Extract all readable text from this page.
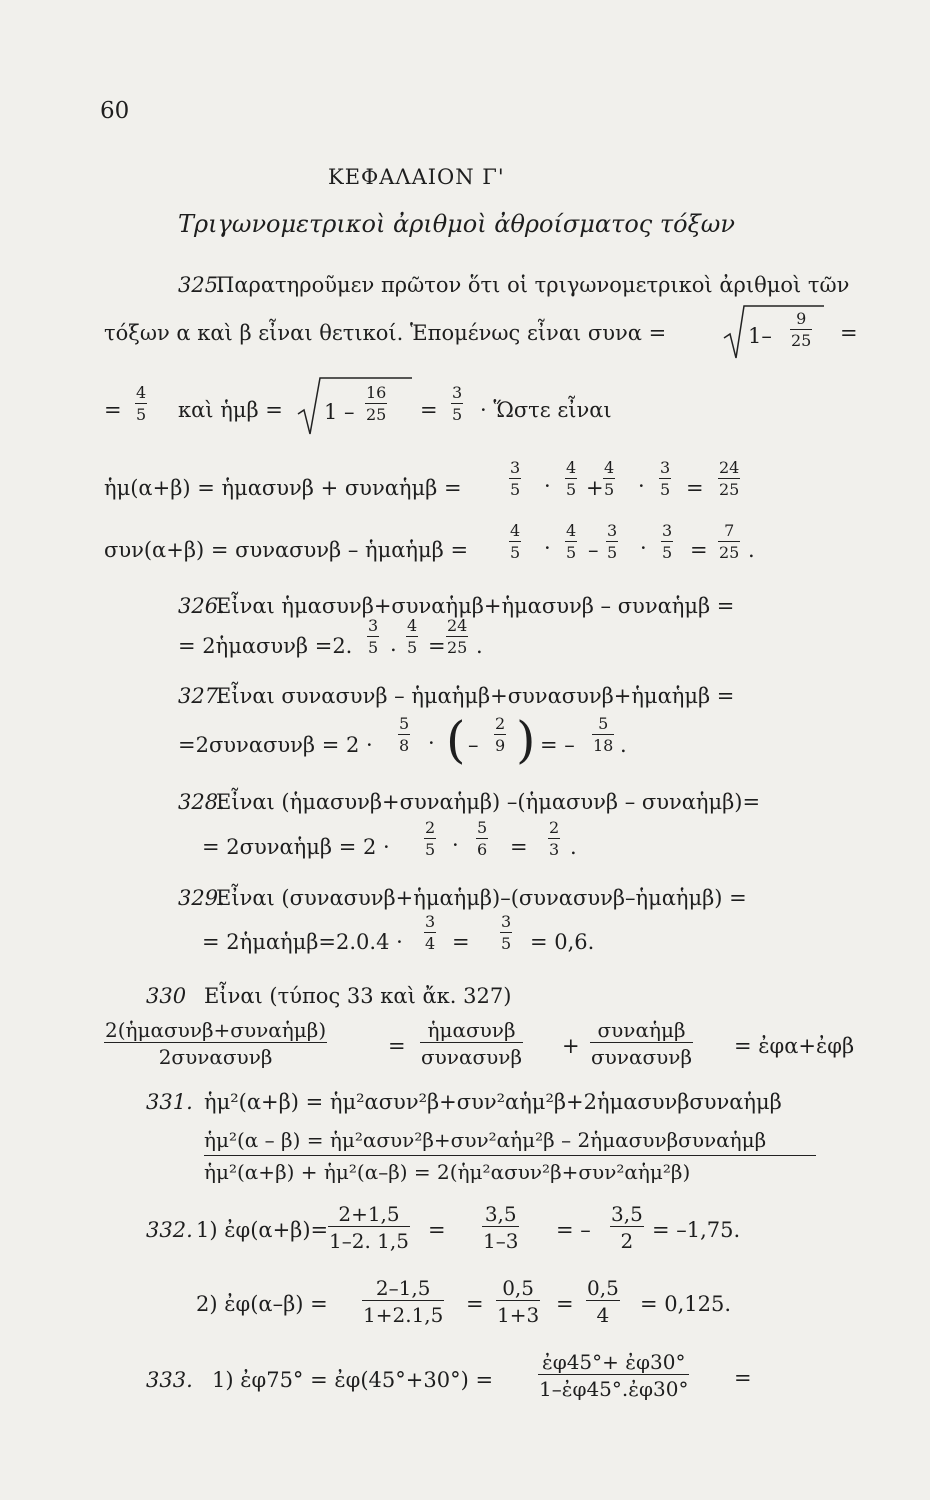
60
ΚΕΦΑΛΑΙΟΝ Γ'
Τριγωνομετρικοὶ ἀριθμοὶ ἀθροίσματος τόξων
325.
Παρατηροῦμεν πρῶτον ὅτι οἱ τριγωνομετρικοὶ ἀριθμοὶ τῶν
τόξων α καὶ β εἶναι θετικοί. Ἑπομένως εἶναι συνα =	$1- \frac{9}{25}$ =
= $\frac{4}{5}$ καὶ ἡμβ = $1 - \frac{16}{25} = \frac{3}{5}$ · Ὥστε εἶναι
ἡμ(α+β) = ἡμασυνβ + συναἡμβ =	$\frac{3}{5} \cdot \frac{4}{5} + \frac{4}{5} \cdot \frac{3}{5} = \frac{24}{25}$
συν(α+β) = συνασυνβ – ἡμαἡμβ =	$\frac{4}{5} \cdot \frac{4}{5} - \frac{3}{5} \cdot \frac{3}{5} = \frac{7}{25}$ .
326.
Εἶναι ἡμασυνβ+συναἡμβ+ἡμασυνβ – συναἡμβ =
= 2ἡμασυνβ =2. $\frac{3}{5}$ . $\frac{4}{5} = \frac{24}{25}$ .
327.
Εἶναι συνασυνβ – ἡμαἡμβ+συνασυνβ+ἡμαἡμβ =
$=2\sigma\upsilon\nu\alpha\sigma\upsilon\nu\beta = 2 \cdot \frac{5}{8}$ · ( – $\frac{2}{9}$ ) = – $\frac{5}{18}$ .
328.
Εἶναι (ἡμασυνβ+συναἡμβ) –(ἡμασυνβ – συναἡμβ)=
= 2συναἡμβ = $2 \cdot \frac{2}{5} \cdot \frac{5}{6} = \frac{2}{3}$ .
329.
Εἶναι (συνασυνβ+ἡμαἡμβ)–(συνασυνβ–ἡμαἡμβ) =
= 2ἡμαἡμβ=2.0.4 · $\frac{3}{4} = \frac{3}{5} = 0,6$.
330 Εἶναι (τύπος 33 καὶ ἄκ. 327)
2(ἡμασυνβ+συναἡμβ)
2συνασυνβ	=
ἡμασυνβ
συνασυνβ +
συναἡμβ
συνασυνβ = ἐφα+ἐφβ
331. ἡμ²(α+β) = ἡμ²ασυν²β+συν²αἡμ²β+2ἡμασυνβσυναἡμβ
ἡμ²(α – β) = ἡμ²ασυν²β+συν²αἡμ²β – 2ἡμασυνβσυναἡμβ
ἡμ²(α+β) + ἡμ²(α–β) = 2(ἡμ²ασυν²β+συν²αἡμ²β)
332. 1) ἐφ(α+β)= $\frac{2+1,5}{1-2. 1,5} = \frac{3,5}{1-3}$ = – $\frac{3,5}{2} = -1,75$.
2) ἐφ(α–β) = $\frac{2-1,5}{1+2.1,5} = \frac{0,5}{1+3} = \frac{0,5}{4} = 0,125$.
333. 1) ἐφ75° = ἐφ(45°+30°) = $\frac{\text{ἐφ45°+ ἐφ30°}}{\text{1–ἐφ45°.ἐφ30°}}$ =
